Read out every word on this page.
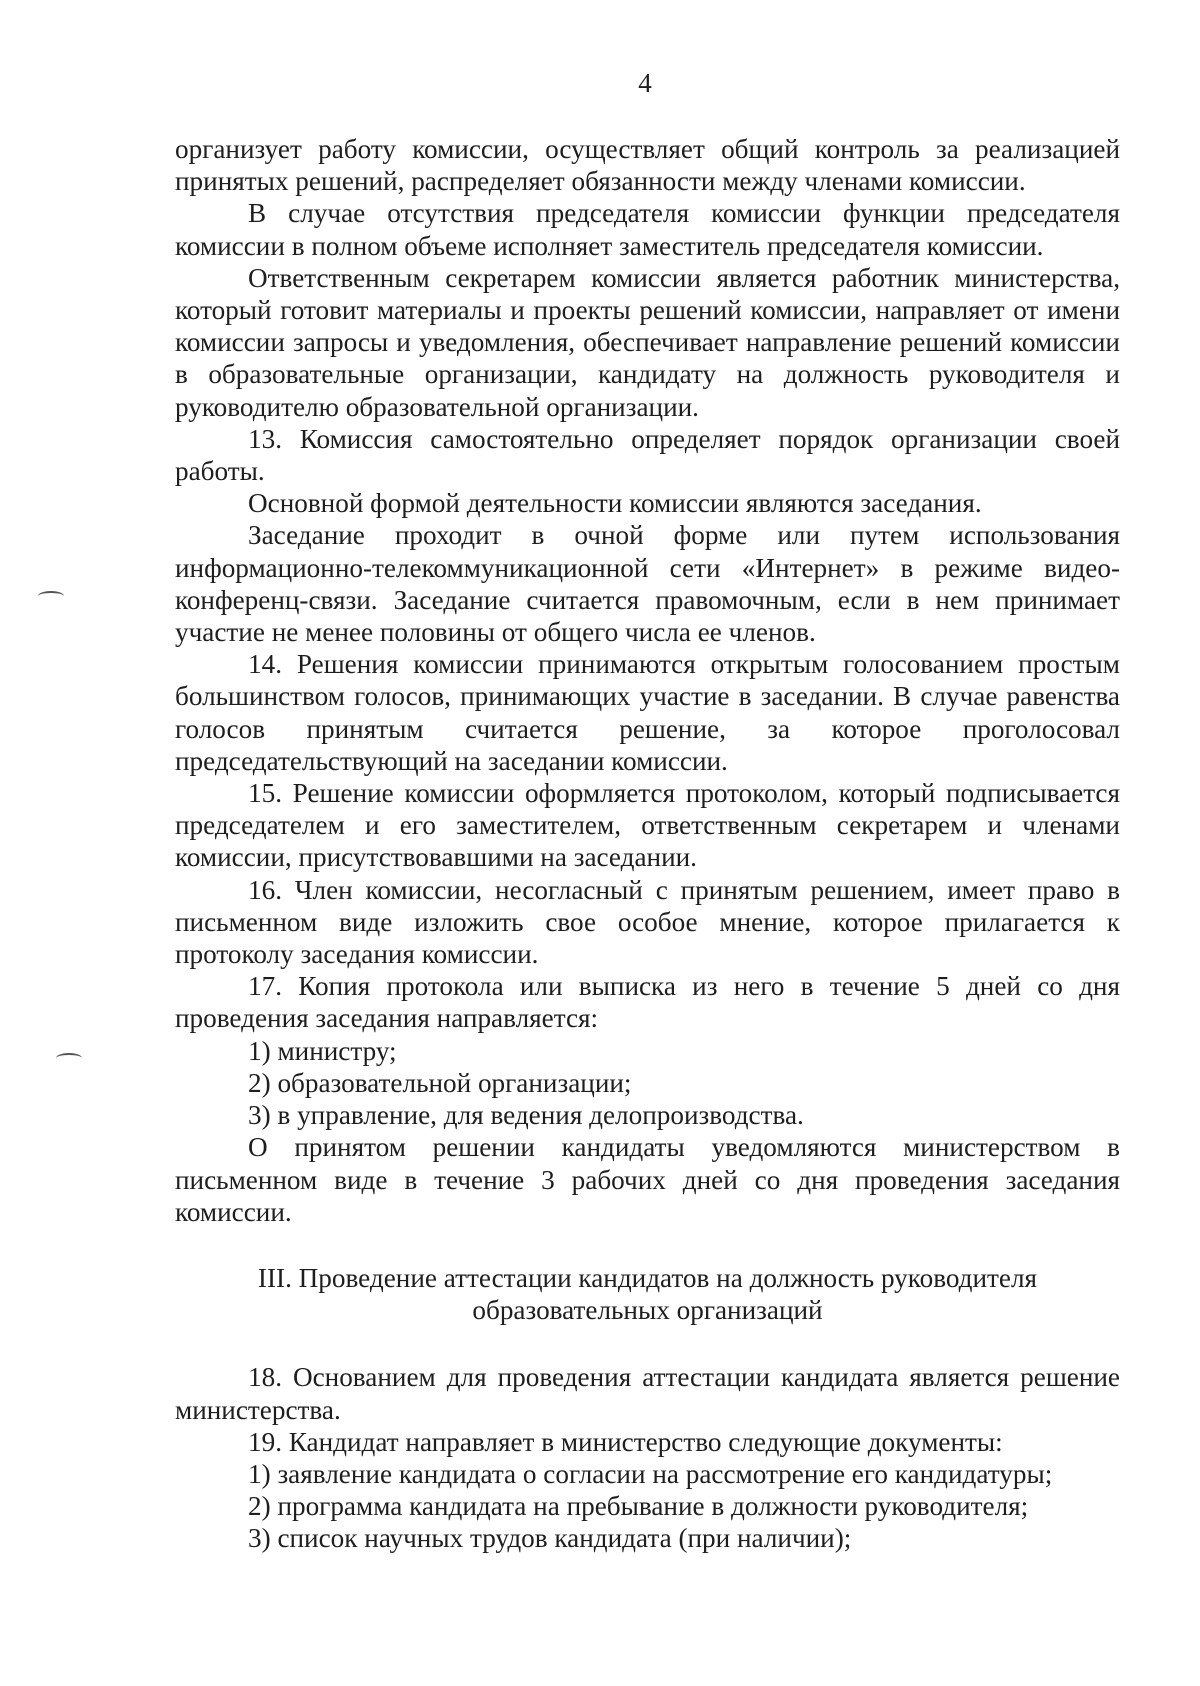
4

организует работу комиссии, осуществляет общий контроль за реализацией принятых решений, распределяет обязанности между членами комиссии.

В случае отсутствия председателя комиссии функции председателя комиссии в полном объеме исполняет заместитель председателя комиссии.

Ответственным секретарем комиссии является работник министерства, который готовит материалы и проекты решений комиссии, направляет от имени комиссии запросы и уведомления, обеспечивает направление решений комиссии в образовательные организации, кандидату на должность руководителя и руководителю образовательной организации.

13. Комиссия самостоятельно определяет порядок организации своей работы.

Основной формой деятельности комиссии являются заседания.

Заседание проходит в очной форме или путем использования информационно-телекоммуникационной сети «Интернет» в режиме видео-конференц-связи. Заседание считается правомочным, если в нем принимает участие не менее половины от общего числа ее членов.

14. Решения комиссии принимаются открытым голосованием простым большинством голосов, принимающих участие в заседании. В случае равенства голосов принятым считается решение, за которое проголосовал председательствующий на заседании комиссии.

15. Решение комиссии оформляется протоколом, который подписывается председателем и его заместителем, ответственным секретарем и членами комиссии, присутствовавшими на заседании.

16. Член комиссии, несогласный с принятым решением, имеет право в письменном виде изложить свое особое мнение, которое прилагается к протоколу заседания комиссии.

17. Копия протокола или выписка из него в течение 5 дней со дня проведения заседания направляется:

1) министру;

2) образовательной организации;

3) в управление, для ведения делопроизводства.

О принятом решении кандидаты уведомляются министерством в письменном виде в течение 3 рабочих дней со дня проведения заседания комиссии.

III. Проведение аттестации кандидатов на должность руководителя
образовательных организаций

18. Основанием для проведения аттестации кандидата является решение министерства.

19. Кандидат направляет в министерство следующие документы:

1) заявление кандидата о согласии на рассмотрение его кандидатуры;

2) программа кандидата на пребывание в должности руководителя;

3) список научных трудов кандидата (при наличии);
